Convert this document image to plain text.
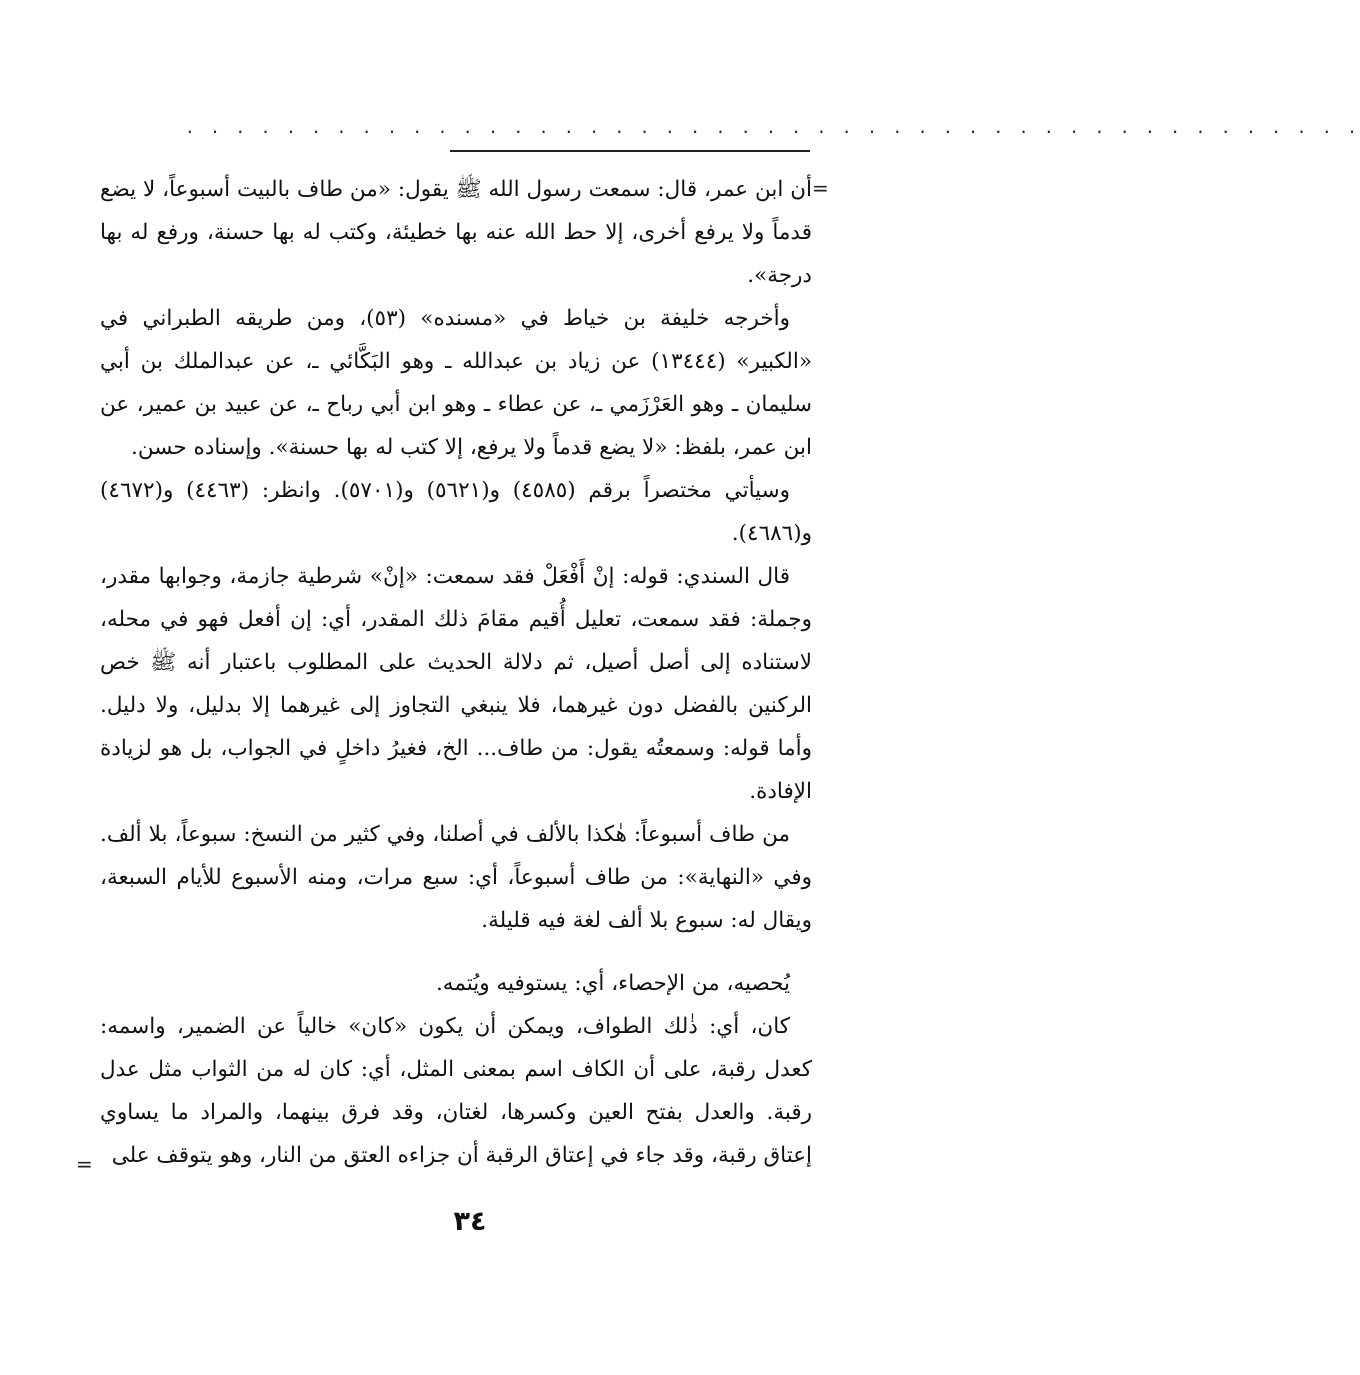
. . . . . . . . . . . . . . . . . . . . . . . . . . . . . . . . . . . . . . . . . . . . . . .
=

أن ابن عمر، قال: سمعت رسول الله ﷺ يقول: «من طاف بالبيت أسبوعاً، لا يضع قدماً ولا يرفع أخرى، إلا حط الله عنه بها خطيئة، وكتب له بها حسنة، ورفع له بها درجة».

وأخرجه خليفة بن خياط في «مسنده» (٥٣)، ومن طريقه الطبراني في «الكبير» (١٣٤٤٤) عن زياد بن عبدالله ـ وهو البَكَّائي ـ، عن عبدالملك بن أبي سليمان ـ وهو العَرْزَمي ـ، عن عطاء ـ وهو ابن أبي رباح ـ، عن عبيد بن عمير، عن ابن عمر، بلفظ: «لا يضع قدماً ولا يرفع، إلا كتب له بها حسنة». وإسناده حسن.

وسيأتي مختصراً برقم (٤٥٨٥) و(٥٦٢١) و(٥٧٠١). وانظر: (٤٤٦٣) و(٤٦٧٢) و(٤٦٨٦).

قال السندي: قوله: إنْ أَفْعَلْ فقد سمعت: «إنْ» شرطية جازمة، وجوابها مقدر، وجملة: فقد سمعت، تعليل أُقيم مقامَ ذلك المقدر، أي: إن أفعل فهو في محله، لاستناده إلى أصل أصيل، ثم دلالة الحديث على المطلوب باعتبار أنه ﷺ خص الركنين بالفضل دون غيرهما، فلا ينبغي التجاوز إلى غيرهما إلا بدليل، ولا دليل. وأما قوله: وسمعتُه يقول: من طاف... الخ، فغيرُ داخلٍ في الجواب، بل هو لزيادة الإفادة.

من طاف أسبوعاً: هٰكذا بالألف في أصلنا، وفي كثير من النسخ: سبوعاً، بلا ألف. وفي «النهاية»: من طاف أسبوعاً، أي: سبع مرات، ومنه الأسبوع للأيام السبعة، ويقال له: سبوع بلا ألف لغة فيه قليلة.

يُحصيه، من الإحصاء، أي: يستوفيه ويُتمه.

كان، أي: ذٰلك الطواف، ويمكن أن يكون «كان» خالياً عن الضمير، واسمه: كعدل رقبة، على أن الكاف اسم بمعنى المثل، أي: كان له من الثواب مثل عدل رقبة. والعدل بفتح العين وكسرها، لغتان، وقد فرق بينهما، والمراد ما يساوي إعتاق رقبة، وقد جاء في إعتاق الرقبة أن جزاءه العتق من النار، وهو يتوقف على

=
٣٤
